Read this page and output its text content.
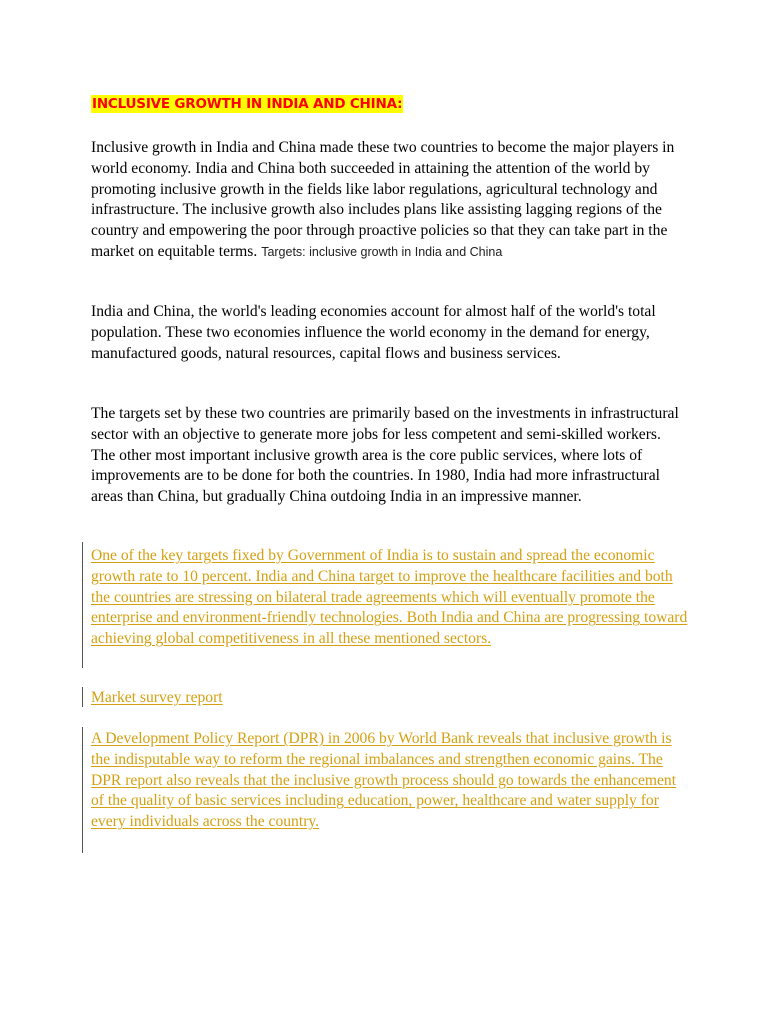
INCLUSIVE GROWTH IN INDIA AND CHINA:

Inclusive growth in India and China made these two countries to become the major players in world economy. India and China both succeeded in attaining the attention of the world by promoting inclusive growth in the fields like labor regulations, agricultural technology and infrastructure. The inclusive growth also includes plans like assisting lagging regions of the country and empowering the poor through proactive policies so that they can take part in the market on equitable terms. Targets: inclusive growth in India and China

India and China, the world's leading economies account for almost half of the world's total population. These two economies influence the world economy in the demand for energy, manufactured goods, natural resources, capital flows and business services.

The targets set by these two countries are primarily based on the investments in infrastructural sector with an objective to generate more jobs for less competent and semi-skilled workers. The other most important inclusive growth area is the core public services, where lots of improvements are to be done for both the countries. In 1980, India had more infrastructural areas than China, but gradually China outdoing India in an impressive manner.

One of the key targets fixed by Government of India is to sustain and spread the economic growth rate to 10 percent. India and China target to improve the healthcare facilities and both the countries are stressing on bilateral trade agreements which will eventually promote the enterprise and environment-friendly technologies. Both India and China are progressing toward achieving global competitiveness in all these mentioned sectors.

Market survey report

A Development Policy Report (DPR) in 2006 by World Bank reveals that inclusive growth is the indisputable way to reform the regional imbalances and strengthen economic gains. The DPR report also reveals that the inclusive growth process should go towards the enhancement of the quality of basic services including education, power, healthcare and water supply for every individuals across the country.
